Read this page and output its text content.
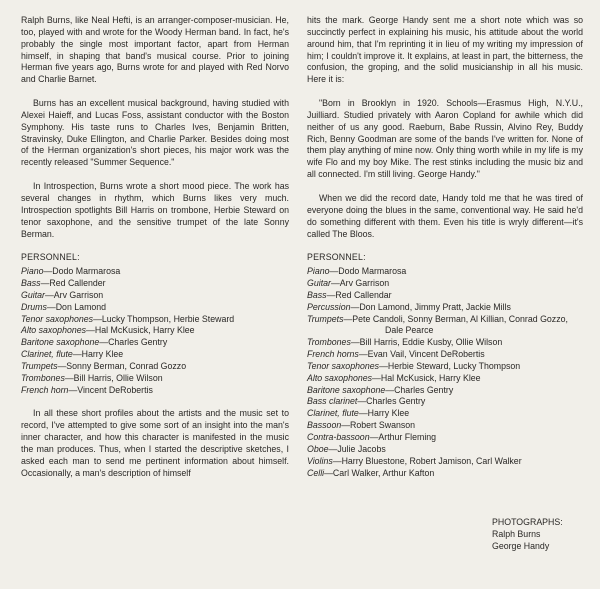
Ralph Burns, like Neal Hefti, is an arranger-composer-musician. He, too, played with and wrote for the Woody Herman band. In fact, he's probably the single most important factor, apart from Herman himself, in shaping that band's musical course. Prior to joining Herman five years ago, Burns wrote for and played with Red Norvo and Charlie Barnet.

Burns has an excellent musical background, having studied with Alexei Haieff, and Lucas Foss, assistant conductor with the Boston Symphony. His taste runs to Charles Ives, Benjamin Britten, Stravinsky, Duke Ellington, and Charlie Parker. Besides doing most of the Herman organization's short pieces, his major work was the recently released "Summer Sequence."

In Introspection, Burns wrote a short mood piece. The work has several changes in rhythm, which Burns likes very much. Introspection spotlights Bill Harris on trombone, Herbie Steward on tenor saxophone, and the sensitive trumpet of the late Sonny Berman.

PERSONNEL:
Piano—Dodo Marmarosa
Bass—Red Callender
Guitar—Arv Garrison
Drums—Don Lamond
Tenor saxophones—Lucky Thompson, Herbie Steward
Alto saxophones—Hal McKusick, Harry Klee
Baritone saxophone—Charles Gentry
Clarinet, flute—Harry Klee
Trumpets—Sonny Berman, Conrad Gozzo
Trombones—Bill Harris, Ollie Wilson
French horn—Vincent DeRobertis

In all these short profiles about the artists and the music set to record, I've attempted to give some sort of an insight into the man's inner character, and how this character is manifested in the music the man produces. Thus, when I started the descriptive sketches, I asked each man to send me pertinent information about himself. Occasionally, a man's description of himself

hits the mark. George Handy sent me a short note which was so succinctly perfect in explaining his music, his attitude about the world around him, that I'm reprinting it in lieu of my writing my impression of him; I couldn't improve it. It explains, at least in part, the bitterness, the confusion, the groping, and the solid musicianship in all his music. Here it is:

"Born in Brooklyn in 1920. Schools—Erasmus High, N.Y.U., Juilliard. Studied privately with Aaron Copland for awhile which did neither of us any good. Raeburn, Babe Russin, Alvino Rey, Buddy Rich, Benny Goodman are some of the bands I've written for. None of them play anything of mine now. Only thing worth while in my life is my wife Flo and my boy Mike. The rest stinks including the music biz and all connected. I'm still living. George Handy."

When we did the record date, Handy told me that he was tired of everyone doing the blues in the same, conventional way. He said he'd do something different with them. Even his title is wryly different—it's called The Bloos.

PERSONNEL:
Piano—Dodo Marmarosa
Guitar—Arv Garrison
Bass—Red Callendar
Percussion—Don Lamond, Jimmy Pratt, Jackie Mills
Trumpets—Pete Candoli, Sonny Berman, Al Killian, Conrad Gozzo,
Dale Pearce
Trombones—Bill Harris, Eddie Kusby, Ollie Wilson
French horns—Evan Vail, Vincent DeRobertis
Tenor saxophones—Herbie Steward, Lucky Thompson
Alto saxophones—Hal McKusick, Harry Klee
Baritone saxophone—Charles Gentry
Bass clarinet—Charles Gentry
Clarinet, flute—Harry Klee
Bassoon—Robert Swanson
Contra-bassoon—Arthur Fleming
Oboe—Julie Jacobs
Violins—Harry Bluestone, Robert Jamison, Carl Walker
Celli—Carl Walker, Arthur Kafton
PHOTOGRAPHS:
Ralph Burns
George Handy
